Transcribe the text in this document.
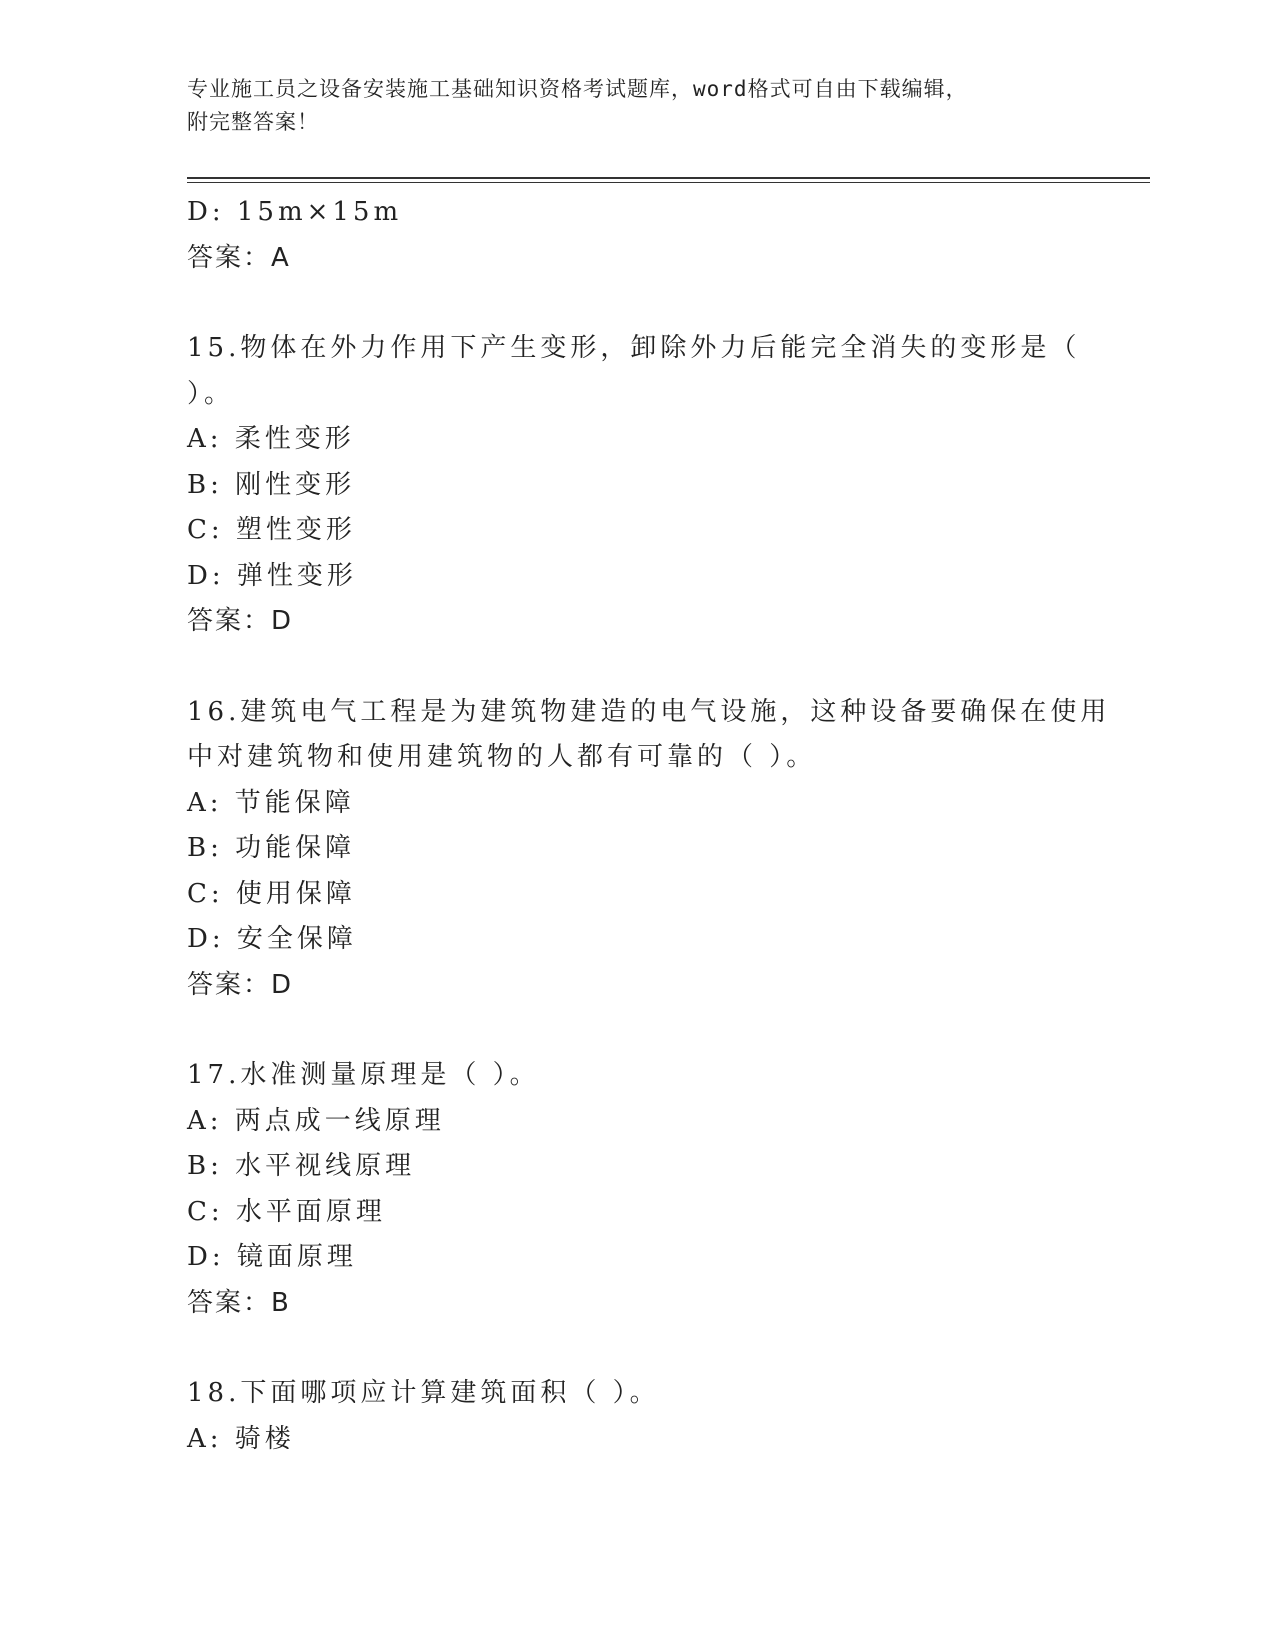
专业施工员之设备安装施工基础知识资格考试题库，word格式可自由下载编辑，
附完整答案！
D: 15m×15m
答案：A
15.物体在外力作用下产生变形，卸除外力后能完全消失的变形是（
）。
A: 柔性变形
B: 刚性变形
C: 塑性变形
D: 弹性变形
答案：D
16.建筑电气工程是为建筑物建造的电气设施，这种设备要确保在使用
中对建筑物和使用建筑物的人都有可靠的（ ）。
A: 节能保障
B: 功能保障
C: 使用保障
D: 安全保障
答案：D
17.水准测量原理是（ ）。
A: 两点成一线原理
B: 水平视线原理
C: 水平面原理
D: 镜面原理
答案：B
18.下面哪项应计算建筑面积（ ）。
A: 骑楼
